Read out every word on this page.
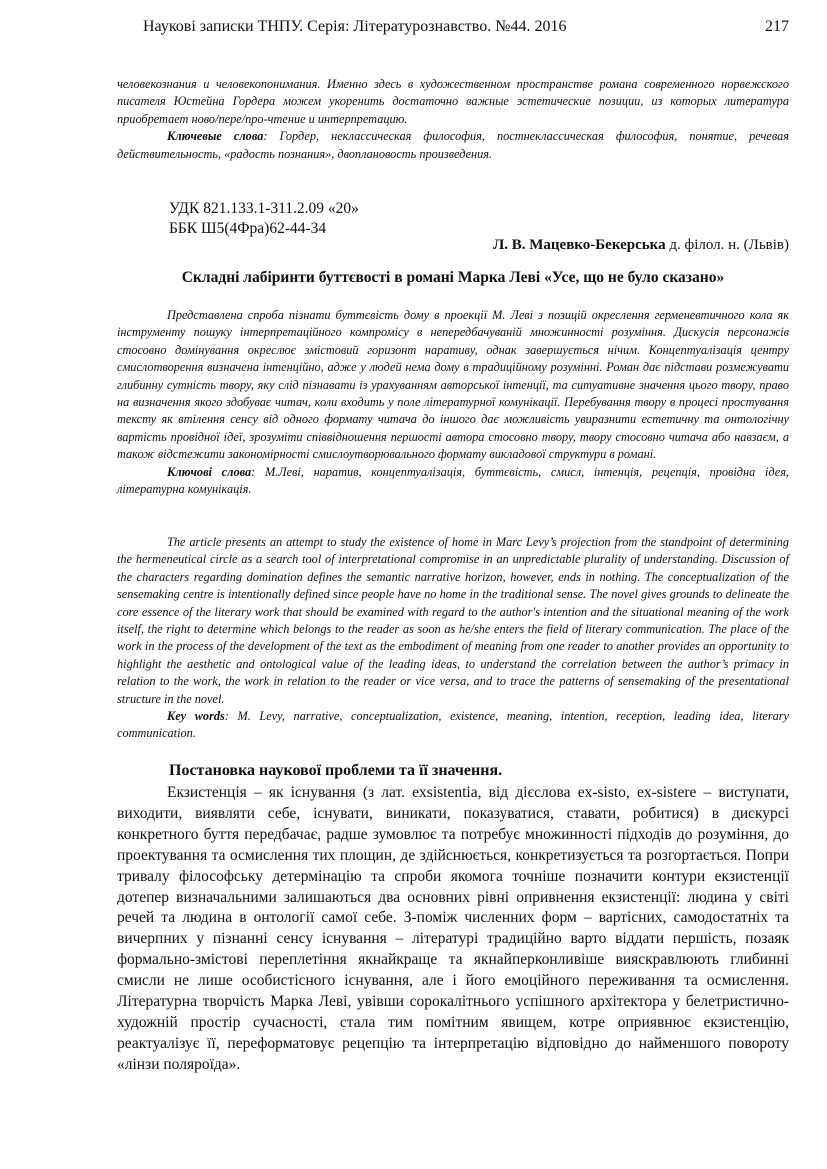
Наукові записки ТНПУ. Серія: Літературознавство. №44. 2016	217

человекознания и человекопонимания. Именно здесь в художественном пространстве романа современного норвежского писателя Юстейна Гордера можем укоренить достаточно важные эстетические позиции, из которых литература приобретает ново/пере/про-чтение и интерпретацию.

Ключевые слова: Гордер, неклассическая философия, постнеклассическая философия, понятие, речевая действительность, «радость познания», двоплановость произведения.

УДК 821.133.1-311.2.09 «20»
ББК Ш5(4Фра)62-44-34
Л. В. Мацевко-Бекерська д. філол. н. (Львів)
Складні лабіринти буттєвості в романі Марка Леві «Усе, що не було сказано»

Представлена спроба пізнати буттєвість дому в проекції М. Леві з позицій окреслення герменевтичного кола як інструменту пошуку інтерпретаційного компромісу в непередбачуваній множинності розуміння. Дискусія персонажів стосовно домінування окреслює змістовий горизонт наративу, однак завершується нічим. Концептуалізація центру смислотворення визначена інтенційно, адже у людей нема дому в традиційному розумінні. Роман дає підстави розмежувати глибинну сутність твору, яку слід пізнавати із урахуванням авторської інтенції, та ситуативне значення цього твору, право на визначення якого здобуває читач, коли входить у поле літературної комунікації. Перебування твору в процесі простування тексту як втілення сенсу від одного формату читача до іншого дає можливість увиразнити естетичну та онтологічну вартість провідної ідеї, зрозуміти співвідношення першості автора стосовно твору, твору стосовно читача або навзаєм, а також відстежити закономірності смислоутворювального формату викладової структури в романі.

Ключові слова: М.Леві, наратив, концептуалізація, буттєвість, смисл, інтенція, рецепція, провідна ідея, літературна комунікація.

The article presents an attempt to study the existence of home in Marc Levy’s projection from the standpoint of determining the hermeneutical circle as a search tool of interpretational compromise in an unpredictable plurality of understanding. Discussion of the characters regarding domination defines the semantic narrative horizon, however, ends in nothing. The conceptualization of the sensemaking centre is intentionally defined since people have no home in the traditional sense. The novel gives grounds to delineate the core essence of the literary work that should be examined with regard to the author's intention and the situational meaning of the work itself, the right to determine which belongs to the reader as soon as he/she enters the field of literary communication. The place of the work in the process of the development of the text as the embodiment of meaning from one reader to another provides an opportunity to highlight the aesthetic and ontological value of the leading ideas, to understand the correlation between the author’s primacy in relation to the work, the work in relation to the reader or vice versa, and to trace the patterns of sensemaking of the presentational structure in the novel.

Key words: M. Levy, narrative, conceptualization, existence, meaning, intention, reception, leading idea, literary communication.

Постановка наукової проблеми та її значення.

Екзистенція – як існування (з лат. exsistentia, від дієслова ex-sisto, ex-sistere – виступати, виходити, виявляти себе, існувати, виникати, показуватися, ставати, робитися) в дискурсі конкретного буття передбачає, радше зумовлює та потребує множинності підходів до розуміння, до проектування та осмислення тих площин, де здійснюється, конкретизується та розгортається. Попри тривалу філософську детермінацію та спроби якомога точніше позначити контури екзистенції дотепер визначальними залишаються два основних рівні опривнення екзистенції: людина у світі речей та людина в онтології самої себе. З-поміж численних форм – вартісних, самодостатніх та вичерпних у пізнанні сенсу існування – літературі традиційно варто віддати першість, позаяк формально-змістові переплетіння якнайкраще та якнайперконливіше вияскравлюють глибинні смисли не лише особистісного існування, але і його емоційного переживання та осмислення. Літературна творчість Марка Леві, увівши сорокалітнього успішного архітектора у белетристично-художній простір сучасності, стала тим помітним явищем, котре оприявнює екзистенцію, реактуалізує її, переформатовує рецепцію та інтерпретацію відповідно до найменшого повороту «лінзи поляроїда».
